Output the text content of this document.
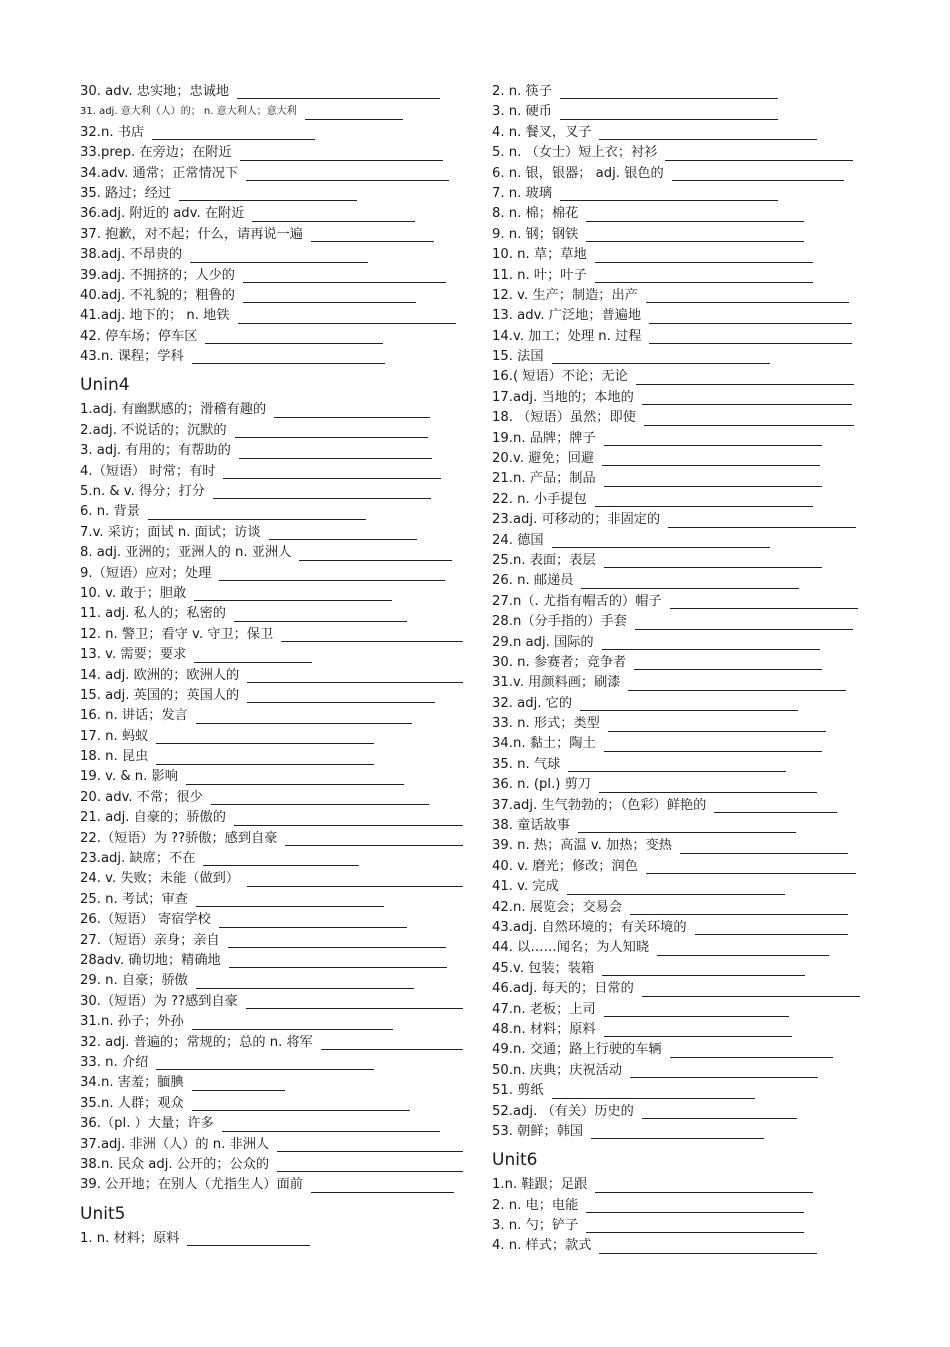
30. adv. 忠实地；忠诚地
31. adj. 意大利（人）的； n. 意大利人；意大利
32.n. 书店
33.prep. 在旁边；在附近
34.adv. 通常；正常情况下
35. 路过；经过
36.adj. 附近的 adv. 在附近
37. 抱歉，对不起；什么，请再说一遍
38.adj. 不昂贵的
39.adj. 不拥挤的；人少的
40.adj. 不礼貌的；粗鲁的
41.adj. 地下的； n. 地铁
42. 停车场；停车区
43.n. 课程；学科
Unin4
1.adj. 有幽默感的；滑稽有趣的
2.adj. 不说话的；沉默的
3. adj. 有用的；有帮助的
4.（短语） 时常；有时
5.n. & v. 得分；打分
6. n. 背景
7.v. 采访；面试 n. 面试；访谈
8. adj. 亚洲的；亚洲人的 n. 亚洲人
9.（短语）应对；处理
10. v. 敢于；胆敢
11. adj. 私人的；私密的
12. n. 警卫；看守 v. 守卫；保卫
13. v. 需要；要求
14. adj. 欧洲的；欧洲人的
15. adj. 英国的；英国人的
16. n. 讲话；发言
17. n. 蚂蚁
18. n. 昆虫
19. v. & n. 影响
20. adv. 不常；很少
21. adj. 自豪的；骄傲的
22.（短语）为 ??骄傲；感到自豪
23.adj. 缺席；不在
24. v. 失败；未能（做到）
25. n. 考试；审查
26.（短语） 寄宿学校
27.（短语）亲身；亲自
28adv. 确切地；精确地
29. n. 自豪；骄傲
30.（短语）为 ??感到自豪
31.n. 孙子；外孙
32. adj. 普遍的；常规的；总的 n. 将军
33. n. 介绍
34.n. 害羞；腼腆
35.n. 人群；观众
36.（pl. ）大量；许多
37.adj. 非洲（人）的 n. 非洲人
38.n. 民众 adj. 公开的；公众的
39. 公开地；在别人（尤指生人）面前
Unit5
1. n. 材料；原料
2. n. 筷子
3. n. 硬币
4. n. 餐叉，叉子
5. n. （女士）短上衣；衬衫
6. n. 银，银器； adj. 银色的
7. n. 玻璃
8. n. 棉；棉花
9. n. 钢；钢铁
10. n. 草；草地
11. n. 叶；叶子
12. v. 生产；制造；出产
13. adv. 广泛地；普遍地
14.v. 加工；处理 n. 过程
15. 法国
16.( 短语）不论；无论
17.adj. 当地的；本地的
18. （短语）虽然；即使
19.n. 品牌；牌子
20.v. 避免；回避
21.n. 产品；制品
22. n. 小手提包
23.adj. 可移动的；非固定的
24. 德国
25.n. 表面；表层
26. n. 邮递员
27.n（. 尤指有帽舌的）帽子
28.n（分手指的）手套
29.n adj. 国际的
30. n. 参赛者；竞争者
31.v. 用颜料画；刷漆
32. adj. 它的
33. n. 形式；类型
34.n. 黏土；陶土
35. n. 气球
36. n. (pl.) 剪刀
37.adj. 生气勃勃的；（色彩）鲜艳的
38. 童话故事
39. n. 热；高温 v. 加热；变热
40. v. 磨光；修改；润色
41. v. 完成
42.n. 展览会；交易会
43.adj. 自然环境的；有关环境的
44. 以……闻名；为人知晓
45.v. 包装；装箱
46.adj. 每天的；日常的
47.n. 老板；上司
48.n. 材料；原料
49.n. 交通；路上行驶的车辆
50.n. 庆典；庆祝活动
51. 剪纸
52.adj. （有关）历史的
53. 朝鲜；韩国
Unit6
1.n. 鞋跟；足跟
2. n. 电；电能
3. n. 勺；铲子
4. n. 样式；款式
